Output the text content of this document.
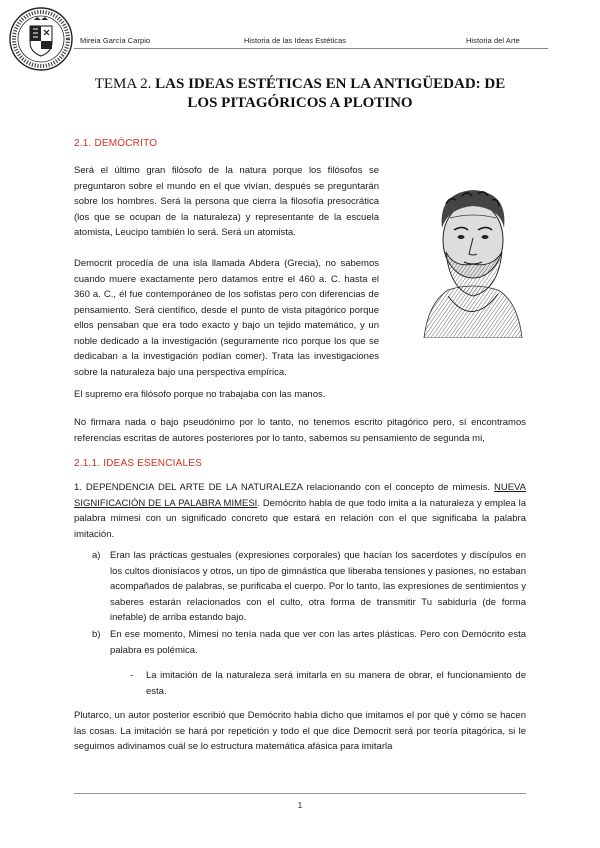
Mireia García Carpio	Historia de las Ideas Estéticas	Historia del Arte
TEMA 2. LAS IDEAS ESTÉTICAS EN LA ANTIGÜEDAD: DE LOS PITAGÓRICOS A PLOTINO
2.1. DEMÓCRITO

Será el último gran filósofo de la natura porque los filósofos se preguntaron sobre el mundo en el que vivían, después se preguntarán sobre los hombres. Será la persona que cierra la filosofía presocrática (los que se ocupan de la naturaleza) y representante de la escuela atomista, Leucipo también lo será. Será un atomista.

Democrit procedía de una isla llamada Abdera (Grecia), no sabemos cuando muere exactamente pero datamos entre el 460 a. C. hasta el 360 a. C., él fue contemporáneo de los sofistas pero con diferencias de pensamiento. Será científico, desde el punto de vista pitagórico porque ellos pensaban que era todo exacto y bajo un tejido matemático, y un noble dedicado a la investigación (seguramente rico porque los que se dedicaban a la investigación podían comer). Trata las investigaciones sobre la naturaleza bajo una perspectiva empírica.

El supremo era filósofo porque no trabajaba con las manos.

No firmara nada o bajo pseudónimo por lo tanto, no tenemos escrito pitagórico pero, sí encontramos referencias escritas de autores posteriores por lo tanto, sabemos su pensamiento de segunda mi,

2.1.1. IDEAS ESENCIALES

1. DEPENDENCIA DEL ARTE DE LA NATURALEZA relacionando con el concepto de mimesis. NUEVA SIGNIFICACIÓN DE LA PALABRA MIMESI. Demócrito habla de que todo imita a la naturaleza y emplea la palabra mimesi con un significado concreto que estará en relación con el que significaba la palabra imitación.

a) Eran las prácticas gestuales (expresiones corporales) que hacían los sacerdotes y discípulos en los cultos dionisíacos y otros, un tipo de gimnástica que liberaba tensiones y pasiones, no estaban acompañados de palabras, se purificaba el cuerpo. Por lo tanto, las expresiones de sentimientos y saberes estarán relacionados con el culto, otra forma de transmitir Tu sabiduría (de forma inefable) de arriba estando bajo.

b) En ese momento, Mimesi no tenía nada que ver con las artes plásticas. Pero con Demócrito esta palabra es polémica.

- La imitación de la naturaleza será imitarla en su manera de obrar, el funcionamiento de esta.

Plutarco, un autor posterior escribió que Demócrito había dicho que imitamos el por qué y cómo se hacen las cosas. La imitación se hará por repetición y todo el que dice Democrit será por teoría pitagórica, si le seguimos adivinamos cuál se lo estructura matemática afásica para imitarla

1
